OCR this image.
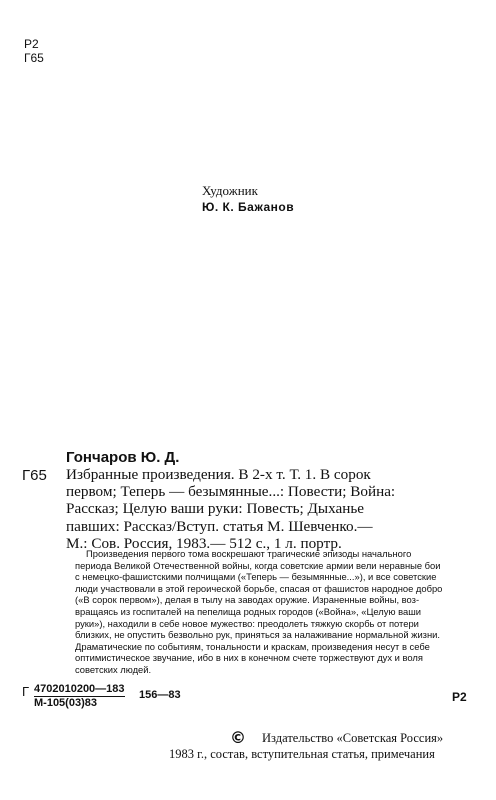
Р2
Г65
Художник
Ю. К. Бажанов
Гончаров Ю. Д.
Г65 Избранные произведения. В 2-х т. Т. 1. В сорок
первом; Теперь — безымянные...: Повести; Война:
Рассказ; Целую ваши руки: Повесть; Дыханье
павших: Рассказ/Вступ. статья М. Шевченко.—
М.: Сов. Россия, 1983.— 512 с., 1 л. портр.
Произведения первого тома воскрешают трагические эпизоды начального
периода Великой Отечественной войны, когда советские армии вели неравные бои
с немецко-фашистскими полчищами («Теперь — безымянные...»), и все советские
люди участвовали в этой героической борьбе, спасая от фашистов народное добро
(«В сорок первом»), делая в тылу на заводах оружие. Израненные войны, воз-
вращаясь из госпиталей на пепелища родных городов («Война», «Целую ваши
руки»), находили в себе новое мужество: преодолеть тяжкую скорбь от потери
близких, не опустить безвольно рук, приняться за налаживание нормальной жизни.
Драматические по событиям, тональности и краскам, произведения несут в себе
оптимистическое звучание, ибо в них в конечном счете торжествуют дух и воля
советских людей.
Г 4702010200—183
М-105(03)83
156—83	Р2
© Издательство «Советская Россия»
1983 г., состав, вступительная статья, примечания
